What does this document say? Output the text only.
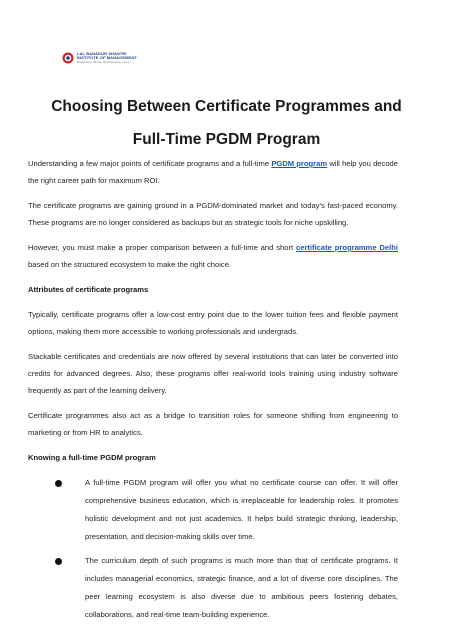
LAL BAHADUR SHASTRI
INSTITUTE OF MANAGEMENT
Enlightens Minds, Empowering Lives
Choosing Between Certificate Programmes and
Full-Time PGDM Program

Understanding a few major points of certificate programs and a full-time PGDM program will help you decode the right career path for maximum ROI.

The certificate programs are gaining ground in a PGDM-dominated market and today’s fast-paced economy. These programs are no longer considered as backups but as strategic tools for niche upskilling.

However, you must make a proper comparison between a full-time and short certificate programme Delhi based on the structured ecosystem to make the right choice.

Attributes of certificate programs

Typically, certificate programs offer a low-cost entry point due to the lower tuition fees and flexible payment options, making them more accessible to working professionals and undergrads.

Stackable certificates and credentials are now offered by several institutions that can later be converted into credits for advanced degrees. Also, these programs offer real-world tools training using industry software frequently as part of the learning delivery.

Certificate programmes also act as a bridge to transition roles for someone shifting from engineering to marketing or from HR to analytics.

Knowing a full-time PGDM program
A full-time PGDM program will offer you what no certificate course can offer. It will offer comprehensive business education, which is irreplaceable for leadership roles. It promotes holistic development and not just academics. It helps build strategic thinking, leadership, presentation, and decision-making skills over time.
The curriculum depth of such programs is much more than that of certificate programs. It includes managerial economics, strategic finance, and a lot of diverse core disciplines. The peer learning ecosystem is also diverse due to ambitious peers fostering debates, collaborations, and real-time team-building experience.
